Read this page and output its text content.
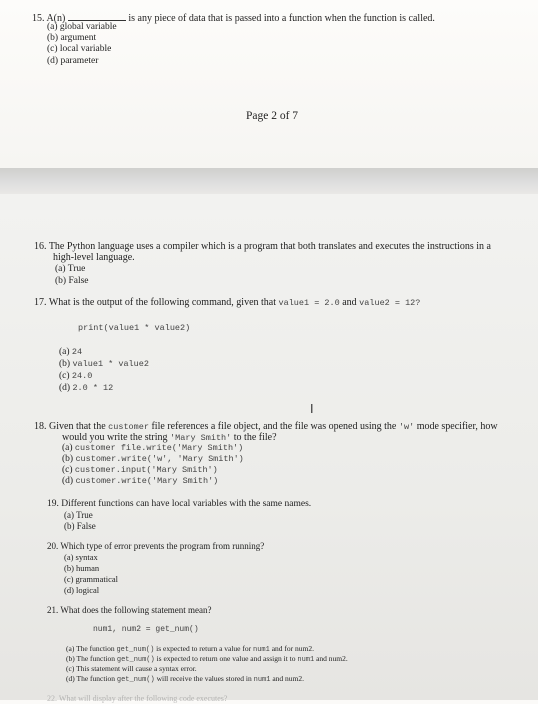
15. A(n)	is any piece of data that is passed into a function when the function is called.
(a) global variable
(b) argument
(c) local variable
(d) parameter
Page 2 of 7
16. The Python language uses a compiler which is a program that both translates and executes the instructions in a
high-level language.
(a) True
(b) False
17. What is the output of the following command, given that value1 = 2.0 and value2 = 12?
print(value1 * value2)
(a) 24
(b) value1 * value2
(c) 24.0
(d) 2.0 * 12
I
18. Given that the customer file references a file object, and the file was opened using the 'w' mode specifier, how
would you write the string 'Mary Smith' to the file?
(a) customer file.write('Mary Smith')
(b) customer.write('w', 'Mary Smith')
(c) customer.input('Mary Smith')
(d) customer.write('Mary Smith')
19. Different functions can have local variables with the same names.
(a) True
(b) False
20. Which type of error prevents the program from running?
(a) syntax
(b) human
(c) grammatical
(d) logical
21. What does the following statement mean?
num1, num2 = get_num()
(a) The function get_num() is expected to return a value for num1 and for num2.
(b) The function get_num() is expected to return one value and assign it to num1 and num2.
(c) This statement will cause a syntax error.
(d) The function get_num() will receive the values stored in num1 and num2.
22. What will display after the following code executes?
